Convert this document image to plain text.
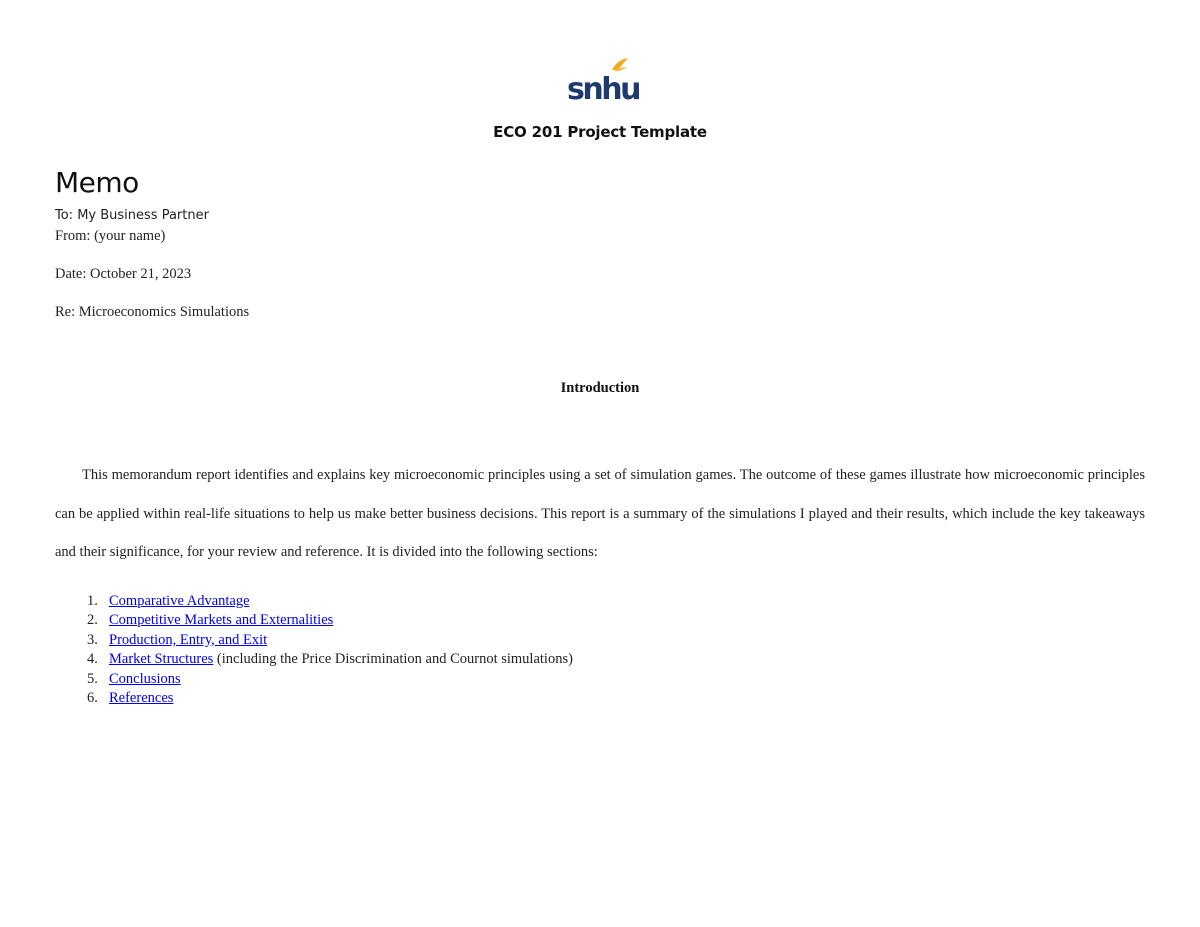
snhu
ECO 201 Project Template
Memo
To: My Business Partner
From: (your name)
Date: October 21, 2023
Re: Microeconomics Simulations
Introduction

This memorandum report identifies and explains key microeconomic principles using a set of simulation games. The outcome of these games illustrate how microeconomic principles can be applied within real-life situations to help us make better business decisions. This report is a summary of the simulations I played and their results, which include the key takeaways and their significance, for your review and reference. It is divided into the following sections:

1. Comparative Advantage
2. Competitive Markets and Externalities
3. Production, Entry, and Exit
4. Market Structures (including the Price Discrimination and Cournot simulations)
5. Conclusions
6. References
